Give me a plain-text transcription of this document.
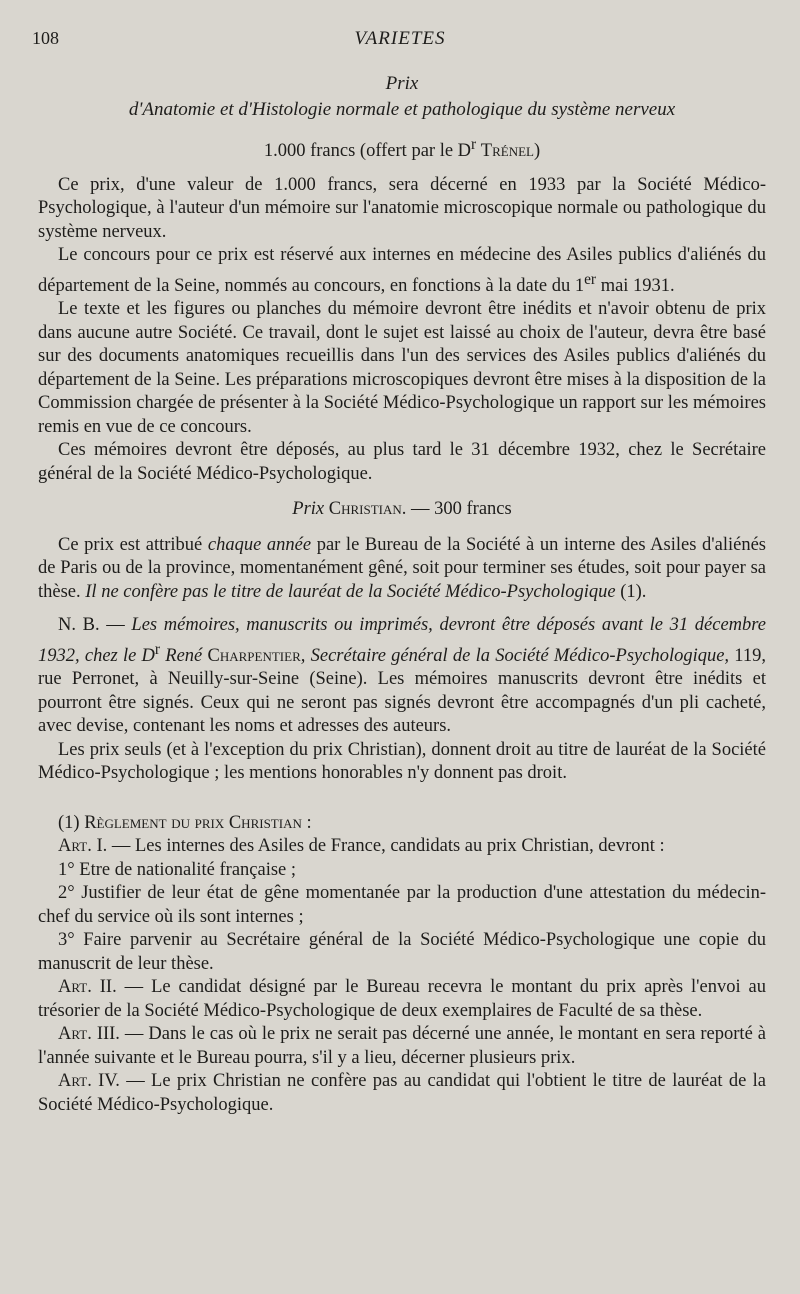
108	VARIETES

Prix

d'Anatomie et d'Histologie normale et pathologique du système nerveux

1.000 francs (offert par le $D^r$ Trénel)

Ce prix, d'une valeur de 1.000 francs, sera décerné en 1933 par la Société Médico-Psychologique, à l'auteur d'un mémoire sur l'anatomie microscopique normale ou pathologique du système nerveux.

Le concours pour ce prix est réservé aux internes en médecine des Asiles publics d'aliénés du département de la Seine, nommés au concours, en fonctions à la date du 1er mai 1931.

Le texte et les figures ou planches du mémoire devront être inédits et n'avoir obtenu de prix dans aucune autre Société. Ce travail, dont le sujet est laissé au choix de l'auteur, devra être basé sur des documents anatomiques recueillis dans l'un des services des Asiles publics d'aliénés du département de la Seine. Les préparations microscopiques devront être mises à la disposition de la Commission chargée de présenter à la Société Médico-Psychologique un rapport sur les mémoires remis en vue de ce concours.

Ces mémoires devront être déposés, au plus tard le 31 décembre 1932, chez le Secrétaire général de la Société Médico-Psychologique.

Prix Christian. — 300 francs

Ce prix est attribué chaque année par le Bureau de la Société à un interne des Asiles d'aliénés de Paris ou de la province, momentanément gêné, soit pour terminer ses études, soit pour payer sa thèse. Il ne confère pas le titre de lauréat de la Société Médico-Psychologique (1).

N. B. — Les mémoires, manuscrits ou imprimés, devront être déposés avant le 31 décembre 1932, chez le $D^r$ René Charpentier, Secrétaire général de la Société Médico-Psychologique, 119, rue Perronet, à Neuilly-sur-Seine (Seine). Les mémoires manuscrits devront être inédits et pourront être signés. Ceux qui ne seront pas signés devront être accompagnés d'un pli cacheté, avec devise, contenant les noms et adresses des auteurs.

Les prix seuls (et à l'exception du prix Christian), donnent droit au titre de lauréat de la Société Médico-Psychologique ; les mentions honorables n'y donnent pas droit.

(1) Règlement du prix Christian :

Art. I. — Les internes des Asiles de France, candidats au prix Christian, devront :

1° Etre de nationalité française ;

2° Justifier de leur état de gêne momentanée par la production d'une attestation du médecin-chef du service où ils sont internes ;

3° Faire parvenir au Secrétaire général de la Société Médico-Psychologique une copie du manuscrit de leur thèse.

Art. II. — Le candidat désigné par le Bureau recevra le montant du prix après l'envoi au trésorier de la Société Médico-Psychologique de deux exemplaires de Faculté de sa thèse.

Art. III. — Dans le cas où le prix ne serait pas décerné une année, le montant en sera reporté à l'année suivante et le Bureau pourra, s'il y a lieu, décerner plusieurs prix.

Art. IV. — Le prix Christian ne confère pas au candidat qui l'obtient le titre de lauréat de la Société Médico-Psychologique.
